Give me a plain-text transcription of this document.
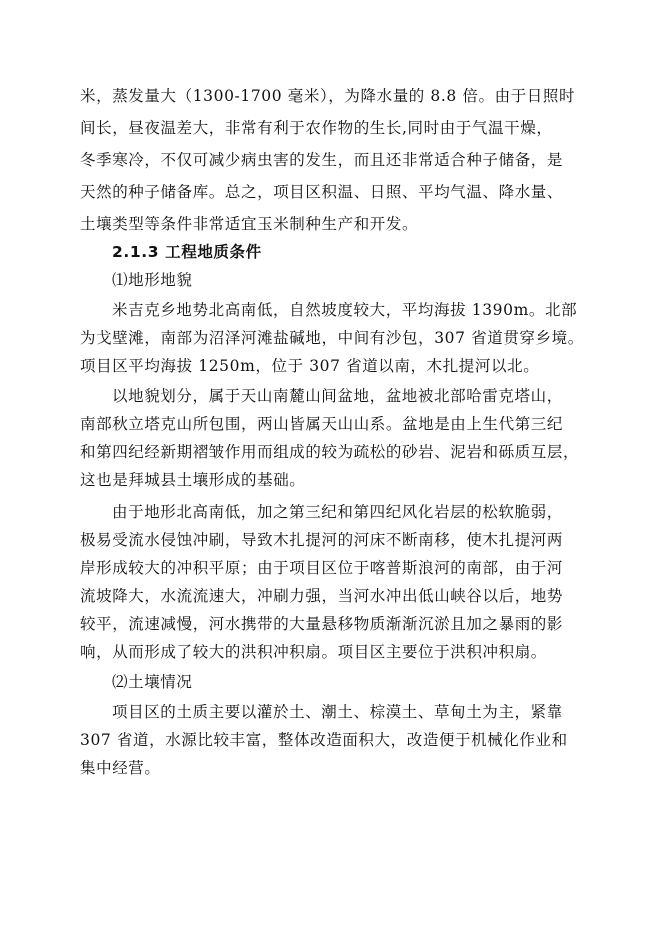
米，蒸发量大（1300-1700 毫米），为降水量的 8.8 倍。由于日照时
间长，昼夜温差大，非常有利于农作物的生长,同时由于气温干燥，
冬季寒冷，不仅可减少病虫害的发生，而且还非常适合种子储备，是
天然的种子储备库。总之，项目区积温、日照、平均气温、降水量、
土壤类型等条件非常适宜玉米制种生产和开发。
2.1.3 工程地质条件
⑴地形地貌
米吉克乡地势北高南低，自然坡度较大，平均海拔 1390m。北部
为戈壁滩，南部为沼泽河滩盐碱地，中间有沙包，307 省道贯穿乡境。
项目区平均海拔 1250m，位于 307 省道以南，木扎提河以北。
以地貌划分，属于天山南麓山间盆地，盆地被北部哈雷克塔山，
南部秋立塔克山所包围，两山皆属天山山系。盆地是由上生代第三纪
和第四纪经新期褶皱作用而组成的较为疏松的砂岩、泥岩和砾质互层，
这也是拜城县土壤形成的基础。
由于地形北高南低，加之第三纪和第四纪风化岩层的松软脆弱，
极易受流水侵蚀冲刷，导致木扎提河的河床不断南移，使木扎提河两
岸形成较大的冲积平原；由于项目区位于喀普斯浪河的南部，由于河
流坡降大，水流流速大，冲刷力强，当河水冲出低山峡谷以后，地势
较平，流速减慢，河水携带的大量悬移物质渐渐沉淤且加之暴雨的影
响，从而形成了较大的洪积冲积扇。项目区主要位于洪积冲积扇。
⑵土壤情况
项目区的土质主要以灌於土、潮土、棕漠土、草甸土为主，紧靠
307 省道，水源比较丰富，整体改造面积大，改造便于机械化作业和
集中经营。
